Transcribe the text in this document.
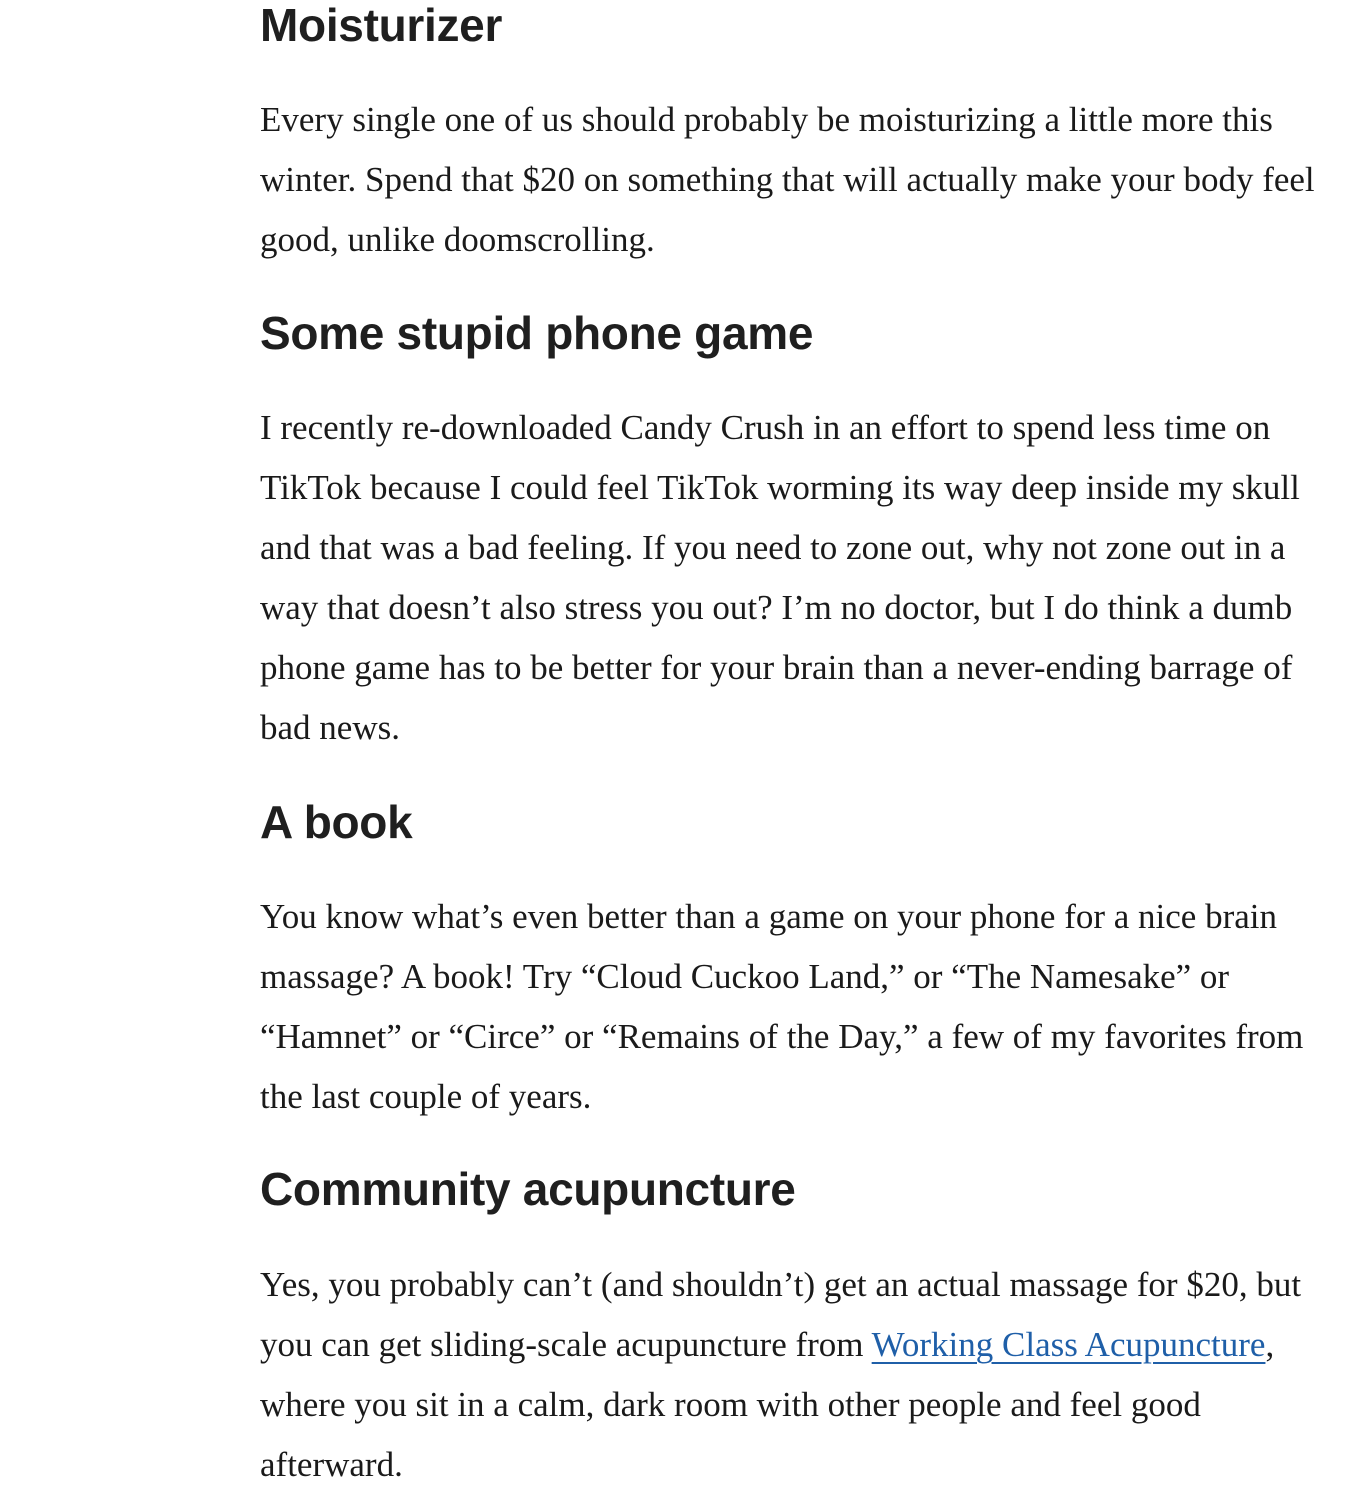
Moisturizer

Every single one of us should probably be moisturizing a little more this winter. Spend that $20 on something that will actually make your body feel good, unlike doomscrolling.

Some stupid phone game

I recently re-downloaded Candy Crush in an effort to spend less time on TikTok because I could feel TikTok worming its way deep inside my skull and that was a bad feeling. If you need to zone out, why not zone out in a way that doesn’t also stress you out? I’m no doctor, but I do think a dumb phone game has to be better for your brain than a never-ending barrage of bad news.

A book

You know what’s even better than a game on your phone for a nice brain massage? A book! Try “Cloud Cuckoo Land,” or “The Namesake” or “Hamnet” or “Circe” or “Remains of the Day,” a few of my favorites from the last couple of years.

Community acupuncture

Yes, you probably can’t (and shouldn’t) get an actual massage for $20, but you can get sliding-scale acupuncture from Working Class Acupuncture, where you sit in a calm, dark room with other people and feel good afterward.
